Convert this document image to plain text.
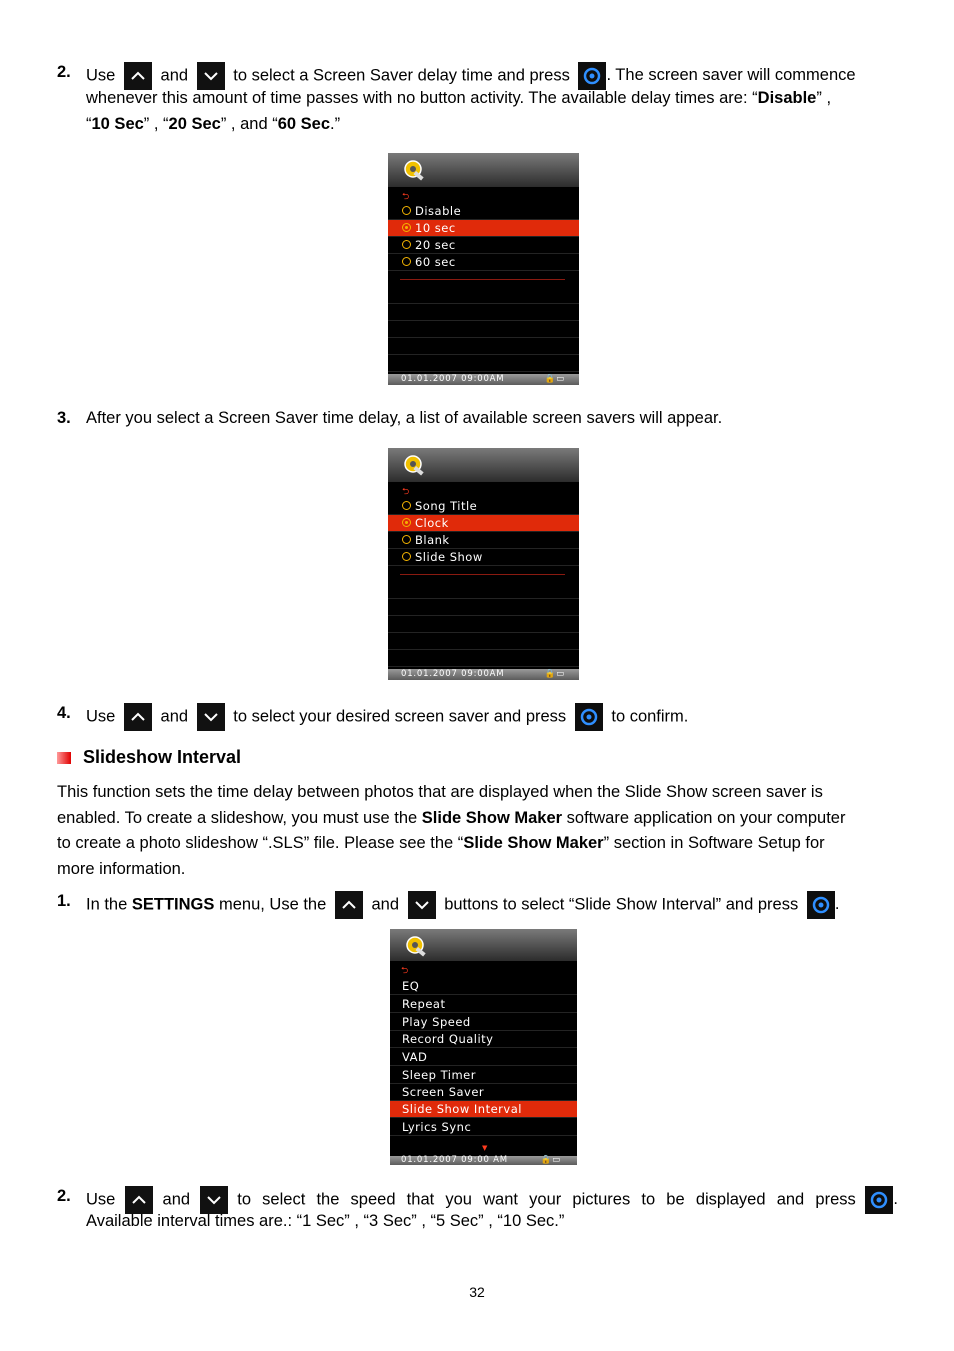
2. Use	and	to select a Screen Saver delay time and press . The screen saver will commence
whenever this amount of time passes with no button activity. The available delay times are: “Disable” ,
“10 Sec” , “20 Sec” , and “60 Sec.”
⮌
Disable
10 sec
20 sec
60 sec
01.01.2007 09:00AM	🔒▭
3. After you select a Screen Saver time delay, a list of available screen savers will appear.
⮌
Song Title
Clock
Blank
Slide Show
01.01.2007 09:00AM	🔒▭
4. Use	and	to select your desired screen saver and press	to confirm.
Slideshow Interval
This function sets the time delay between photos that are displayed when the Slide Show screen saver is
enabled. To create a slideshow, you must use the Slide Show Maker software application on your computer
to create a photo slideshow “.SLS” file. Please see the “Slide Show Maker” section in Software Setup for
more information.
1. In the SETTINGS menu, Use the	and	buttons to select “Slide Show Interval” and press .
⮌
EQ
Repeat
Play Speed
Record Quality
VAD
Sleep Timer
Screen Saver
Slide Show Interval
Lyrics Sync
▼
01.01.2007 09:00 AM	🔒▭
2. Use	and	to  select  the  speed  that  you  want  your  pictures  to  be  displayed  and  press .
Available interval times are.: “1 Sec” , “3 Sec” , “5 Sec” , “10 Sec.”
32
